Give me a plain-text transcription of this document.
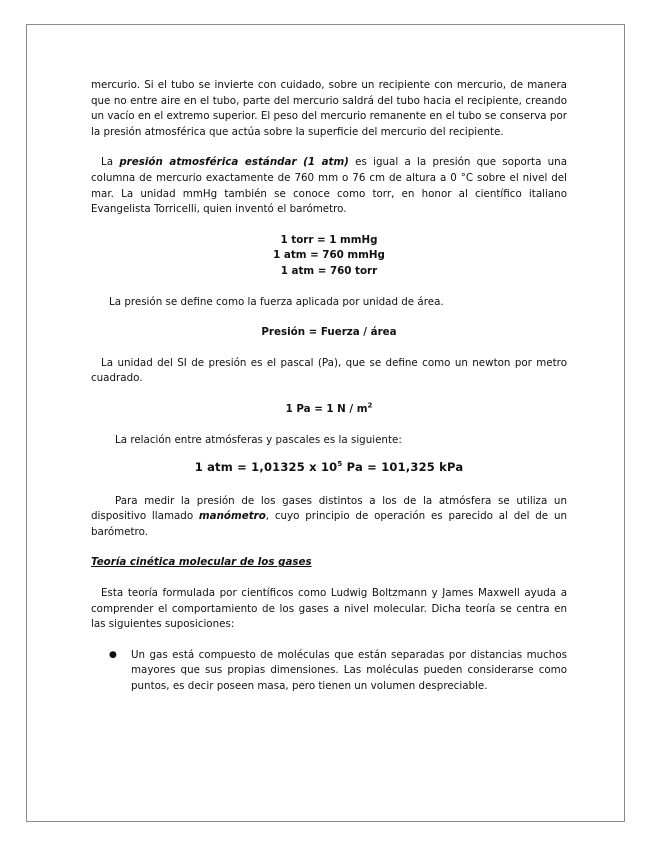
mercurio. Si el tubo se invierte con cuidado, sobre un recipiente con mercurio, de manera que no entre aire en el tubo, parte del mercurio saldrá del tubo hacia el recipiente, creando un vacío en el extremo superior. El peso del mercurio remanente en el tubo se conserva por la presión atmosférica que actúa sobre la superficie del mercurio del recipiente.

La presión atmosférica estándar (1 atm) es igual a la presión que soporta una columna de mercurio exactamente de 760 mm o 76 cm de altura a 0 °C sobre el nivel del mar. La unidad mmHg también se conoce como torr, en honor al científico italiano Evangelista Torricelli, quien inventó el barómetro.

1 torr = 1 mmHg
1 atm = 760 mmHg
1 atm = 760 torr

La presión se define como la fuerza aplicada por unidad de área.

Presión = Fuerza / área

La unidad del SI de presión es el pascal (Pa), que se define como un newton por metro cuadrado.

1 Pa = 1 N / $m^2$

La relación entre atmósferas y pascales es la siguiente:

1 atm = 1,01325 x $10^5$ Pa = 101,325 kPa

Para medir la presión de los gases distintos a los de la atmósfera se utiliza un dispositivo llamado manómetro, cuyo principio de operación es parecido al del de un barómetro.

Teoría cinética molecular de los gases

Esta teoría formulada por científicos como Ludwig Boltzmann y James Maxwell ayuda a comprender el comportamiento de los gases a nivel molecular. Dicha teoría se centra en las siguientes suposiciones:

● Un gas está compuesto de moléculas que están separadas por distancias muchos mayores que sus propias dimensiones. Las moléculas pueden considerarse como puntos, es decir poseen masa, pero tienen un volumen despreciable.
